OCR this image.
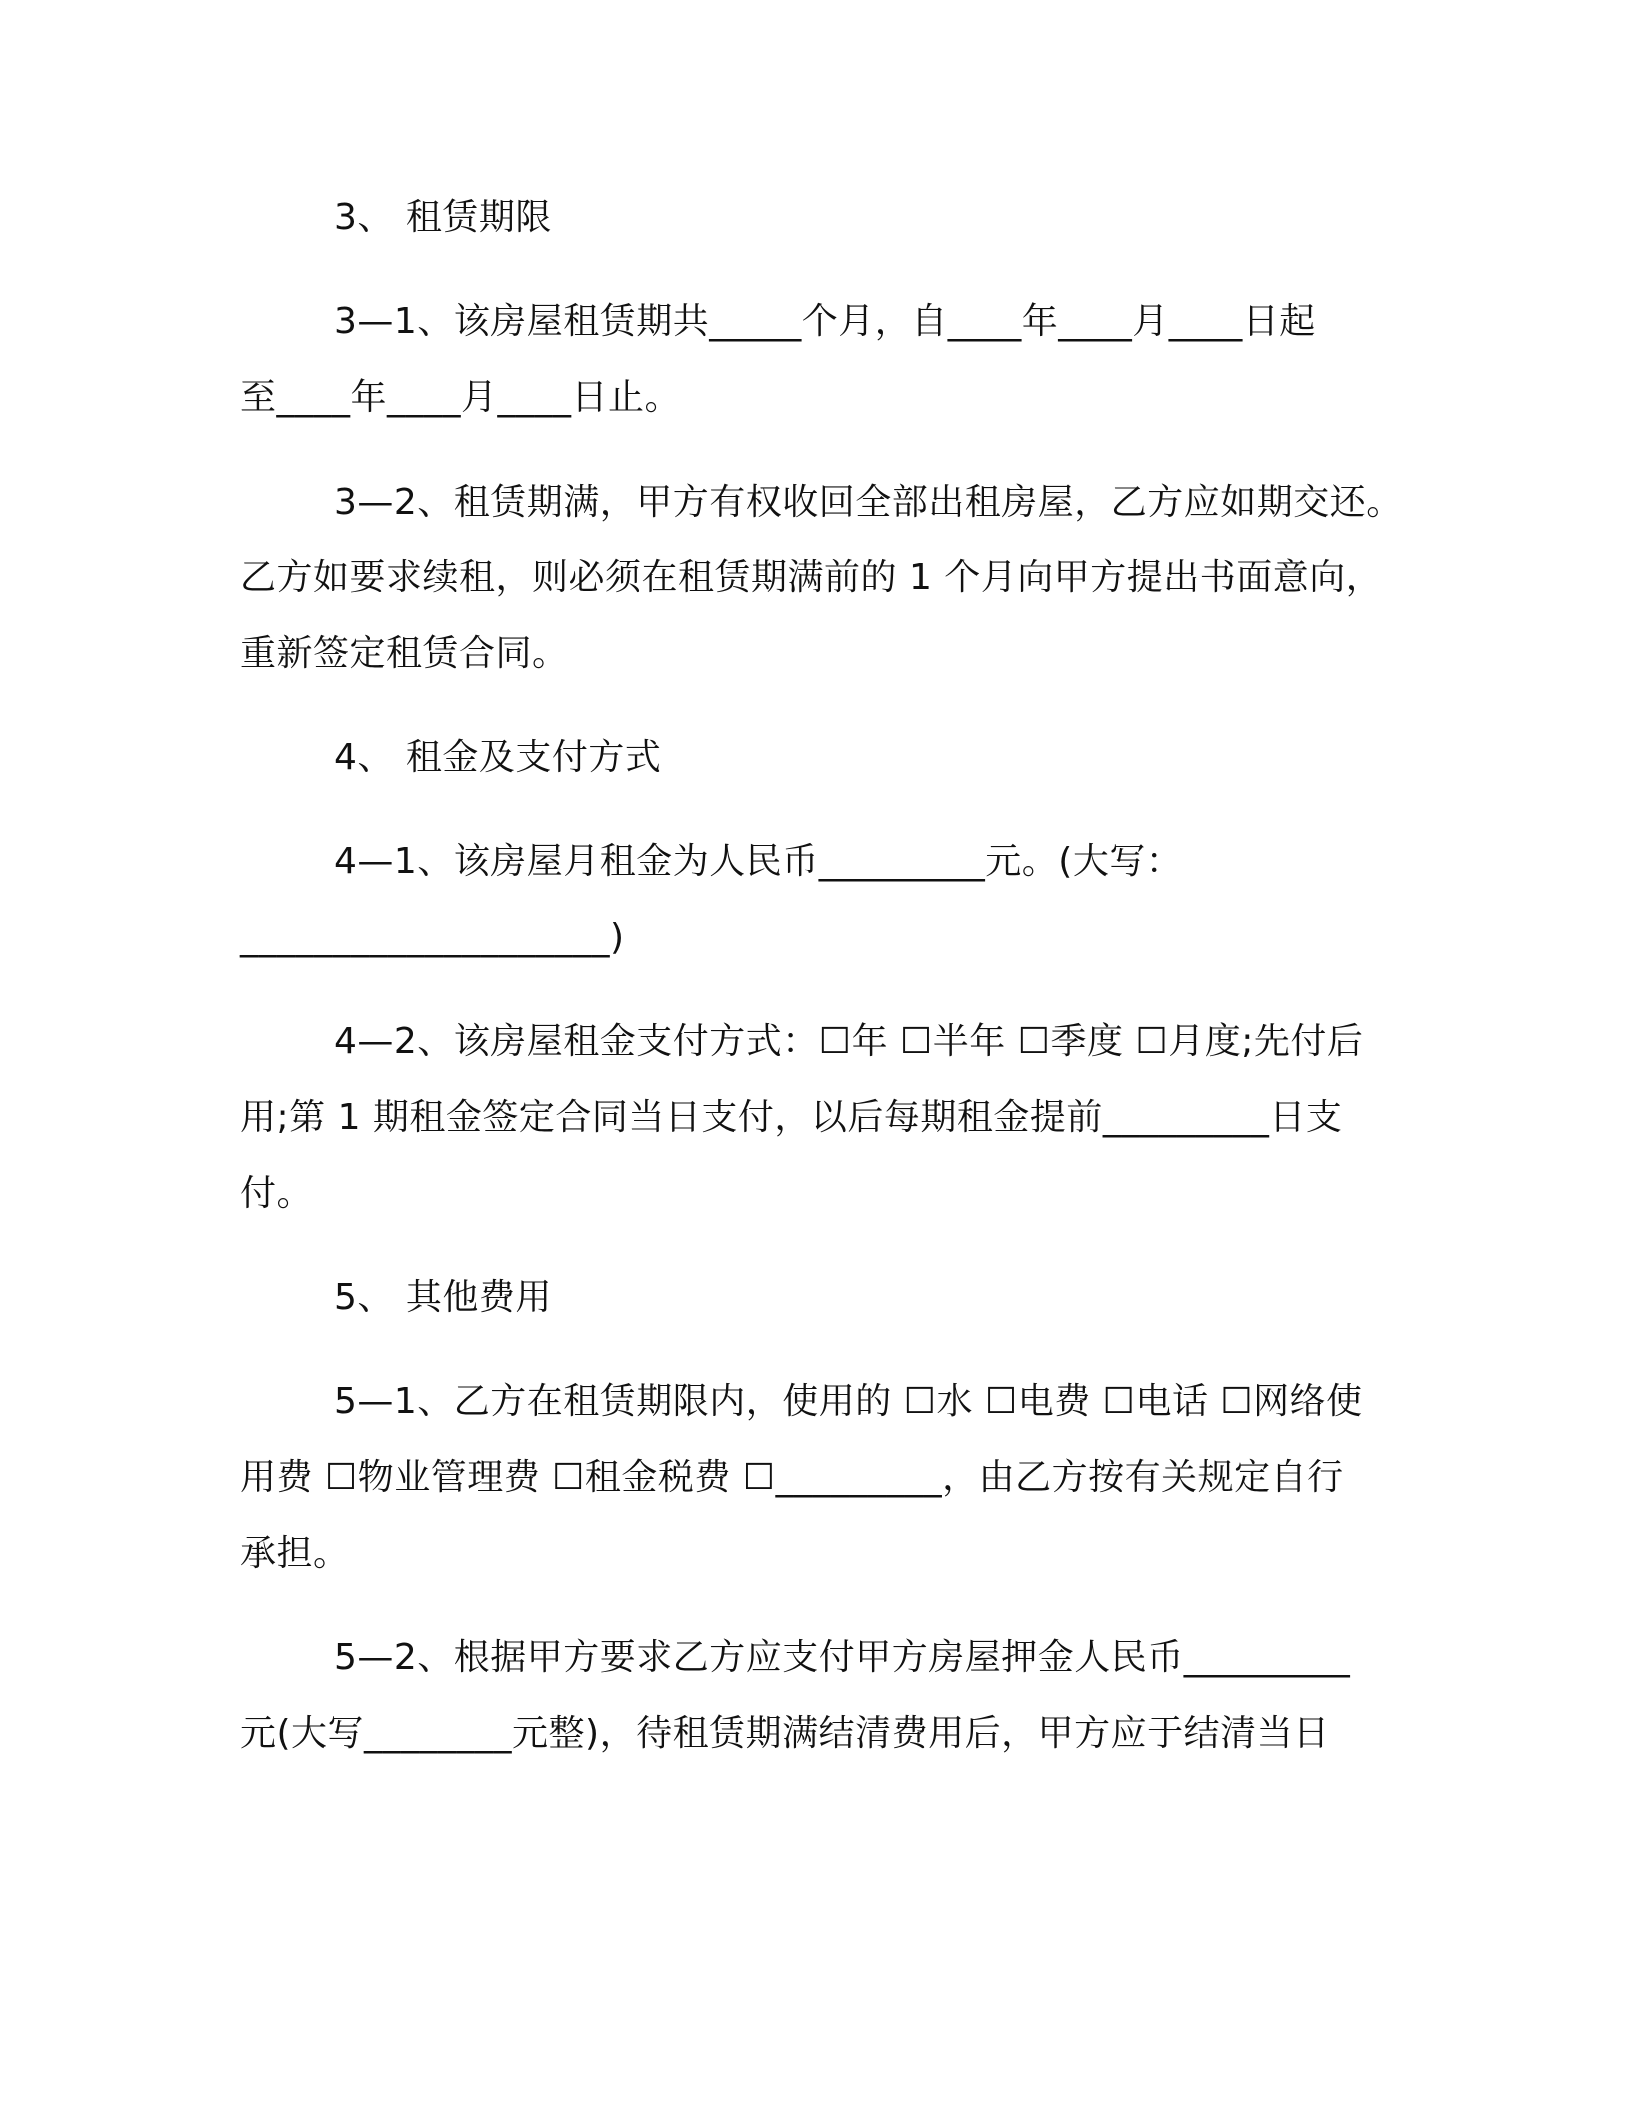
3、 租赁期限
3—1、该房屋租赁期共_____个月，自____年____月____日起
至____年____月____日止。
3—2、租赁期满，甲方有权收回全部出租房屋，乙方应如期交还。
乙方如要求续租，则必须在租赁期满前的 1 个月向甲方提出书面意向，
重新签定租赁合同。
4、 租金及支付方式
4—1、该房屋月租金为人民币_________元。(大写：
____________________)
4—2、该房屋租金支付方式：☐年 ☐半年 ☐季度 ☐月度;先付后
用;第 1 期租金签定合同当日支付，以后每期租金提前_________日支
付。
5、 其他费用
5—1、乙方在租赁期限内，使用的 ☐水 ☐电费 ☐电话 ☐网络使
用费 ☐物业管理费 ☐租金税费 ☐_________，由乙方按有关规定自行
承担。
5—2、根据甲方要求乙方应支付甲方房屋押金人民币_________
元(大写________元整)，待租赁期满结清费用后，甲方应于结清当日
